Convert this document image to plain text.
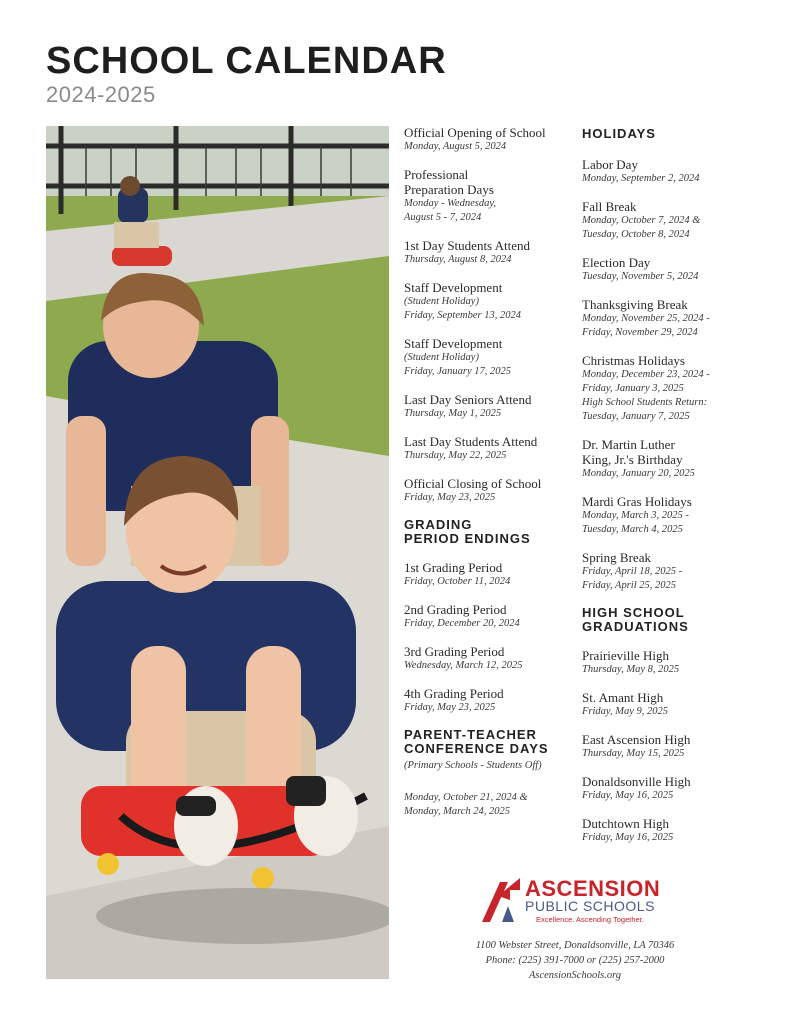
SCHOOL CALENDAR
2024-2025
Official Opening of School
Monday, August 5, 2024
Professional Preparation Days
Monday - Wednesday,
August 5 - 7, 2024
1st Day Students Attend
Thursday, August 8, 2024
Staff Development
(Student Holiday)
Friday, September 13, 2024
Staff Development
(Student Holiday)
Friday, January 17, 2025
Last Day Seniors Attend
Thursday, May 1, 2025
Last Day Students Attend
Thursday, May 22, 2025
Official Closing of School
Friday, May 23, 2025
GRADING
PERIOD ENDINGS
1st Grading Period
Friday, October 11, 2024
2nd Grading Period
Friday, December 20, 2024
3rd Grading Period
Wednesday, March 12, 2025
4th Grading Period
Friday, May 23, 2025
PARENT-TEACHER
CONFERENCE DAYS
(Primary Schools - Students Off)
Monday, October 21, 2024 &
Monday, March 24, 2025
HOLIDAYS
Labor Day
Monday, September 2, 2024
Fall Break
Monday, October 7, 2024 &
Tuesday, October 8, 2024
Election Day
Tuesday, November 5, 2024
Thanksgiving Break
Monday, November 25, 2024 -
Friday, November 29, 2024
Christmas Holidays
Monday, December 23, 2024 -
Friday, January 3, 2025
High School Students Return:
Tuesday, January 7, 2025
Dr. Martin Luther King, Jr.'s Birthday
Monday, January 20, 2025
Mardi Gras Holidays
Monday, March 3, 2025 -
Tuesday, March 4, 2025
Spring Break
Friday, April 18, 2025 -
Friday, April 25, 2025
HIGH SCHOOL
GRADUATIONS
Prairieville High
Thursday, May 8, 2025
St. Amant High
Friday, May 9, 2025
East Ascension High
Thursday, May 15, 2025
Donaldsonville High
Friday, May 16, 2025
Dutchtown High
Friday, May 16, 2025
ASCENSION
PUBLIC SCHOOLS
Excellence. Ascending Together.
1100 Webster Street, Donaldsonville, LA 70346
Phone: (225) 391-7000 or (225) 257-2000
AscensionSchools.org
